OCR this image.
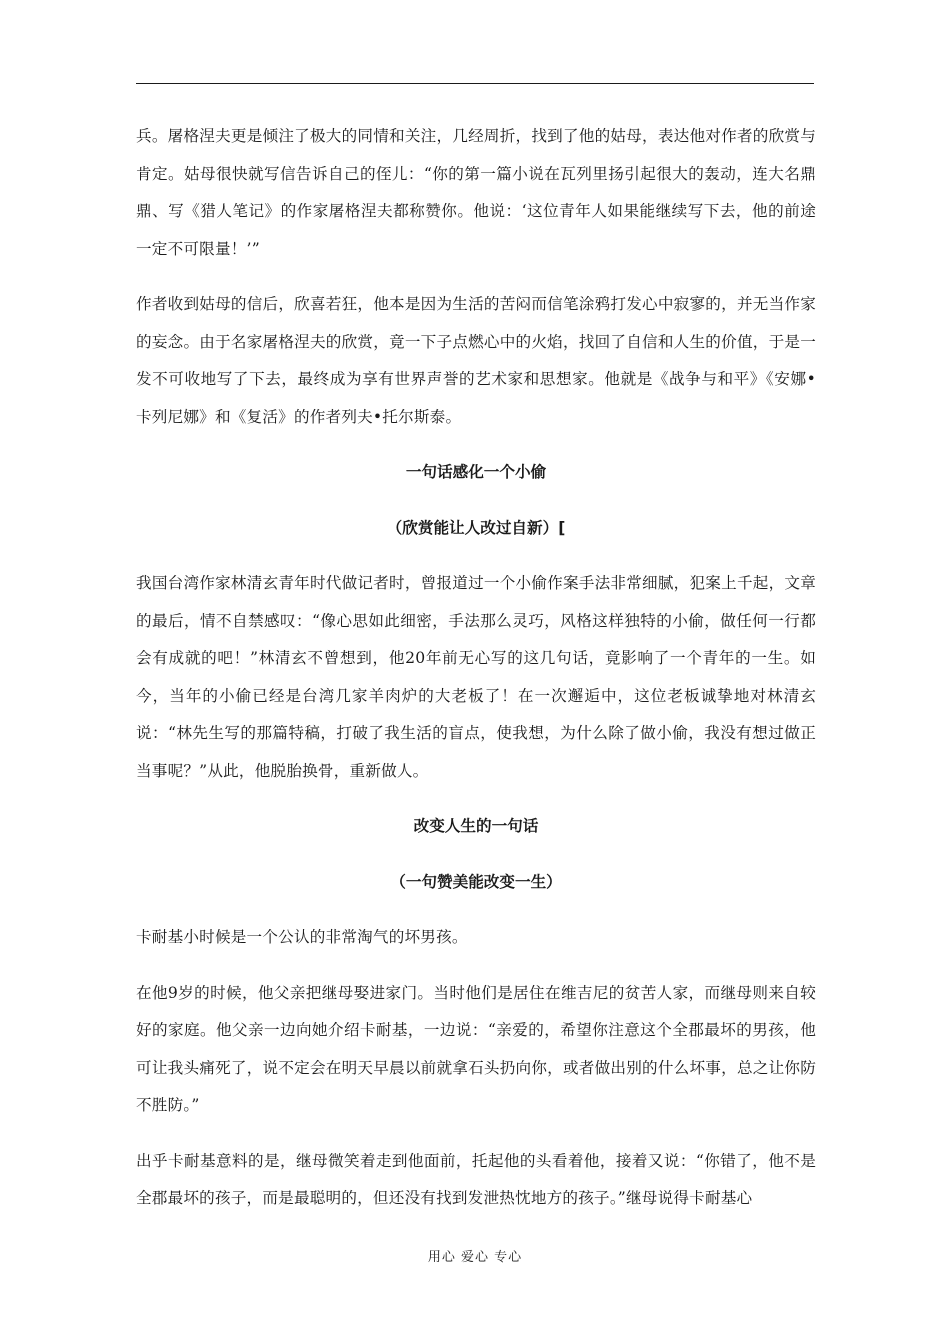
兵。屠格涅夫更是倾注了极大的同情和关注，几经周折，找到了他的姑母，表达他对作者的欣赏与肯定。姑母很快就写信告诉自己的侄儿：“你的第一篇小说在瓦列里扬引起很大的轰动，连大名鼎鼎、写《猎人笔记》的作家屠格涅夫都称赞你。他说：‘这位青年人如果能继续写下去，他的前途一定不可限量！’”

作者收到姑母的信后，欣喜若狂，他本是因为生活的苦闷而信笔涂鸦打发心中寂寥的，并无当作家的妄念。由于名家屠格涅夫的欣赏，竟一下子点燃心中的火焰，找回了自信和人生的价值，于是一发不可收地写了下去，最终成为享有世界声誉的艺术家和思想家。他就是《战争与和平》《安娜•卡列尼娜》和《复活》的作者列夫•托尔斯泰。

一句话感化一个小偷

（欣赏能让人改过自新）[

我国台湾作家林清玄青年时代做记者时，曾报道过一个小偷作案手法非常细腻，犯案上千起，文章的最后，情不自禁感叹：“像心思如此细密，手法那么灵巧，风格这样独特的小偷，做任何一行都会有成就的吧！”林清玄不曾想到，他20年前无心写的这几句话，竟影响了一个青年的一生。如今，当年的小偷已经是台湾几家羊肉炉的大老板了！在一次邂逅中，这位老板诚挚地对林清玄说：“林先生写的那篇特稿，打破了我生活的盲点，使我想，为什么除了做小偷，我没有想过做正当事呢？”从此，他脱胎换骨，重新做人。

改变人生的一句话

（一句赞美能改变一生）

卡耐基小时候是一个公认的非常淘气的坏男孩。

在他9岁的时候，他父亲把继母娶进家门。当时他们是居住在维吉尼的贫苦人家，而继母则来自较好的家庭。他父亲一边向她介绍卡耐基，一边说：“亲爱的，希望你注意这个全郡最坏的男孩，他可让我头痛死了，说不定会在明天早晨以前就拿石头扔向你，或者做出别的什么坏事，总之让你防不胜防。”

出乎卡耐基意料的是，继母微笑着走到他面前，托起他的头看着他，接着又说：“你错了，他不是全郡最坏的孩子，而是最聪明的，但还没有找到发泄热忱地方的孩子。”继母说得卡耐基心

用心 爱心 专心
